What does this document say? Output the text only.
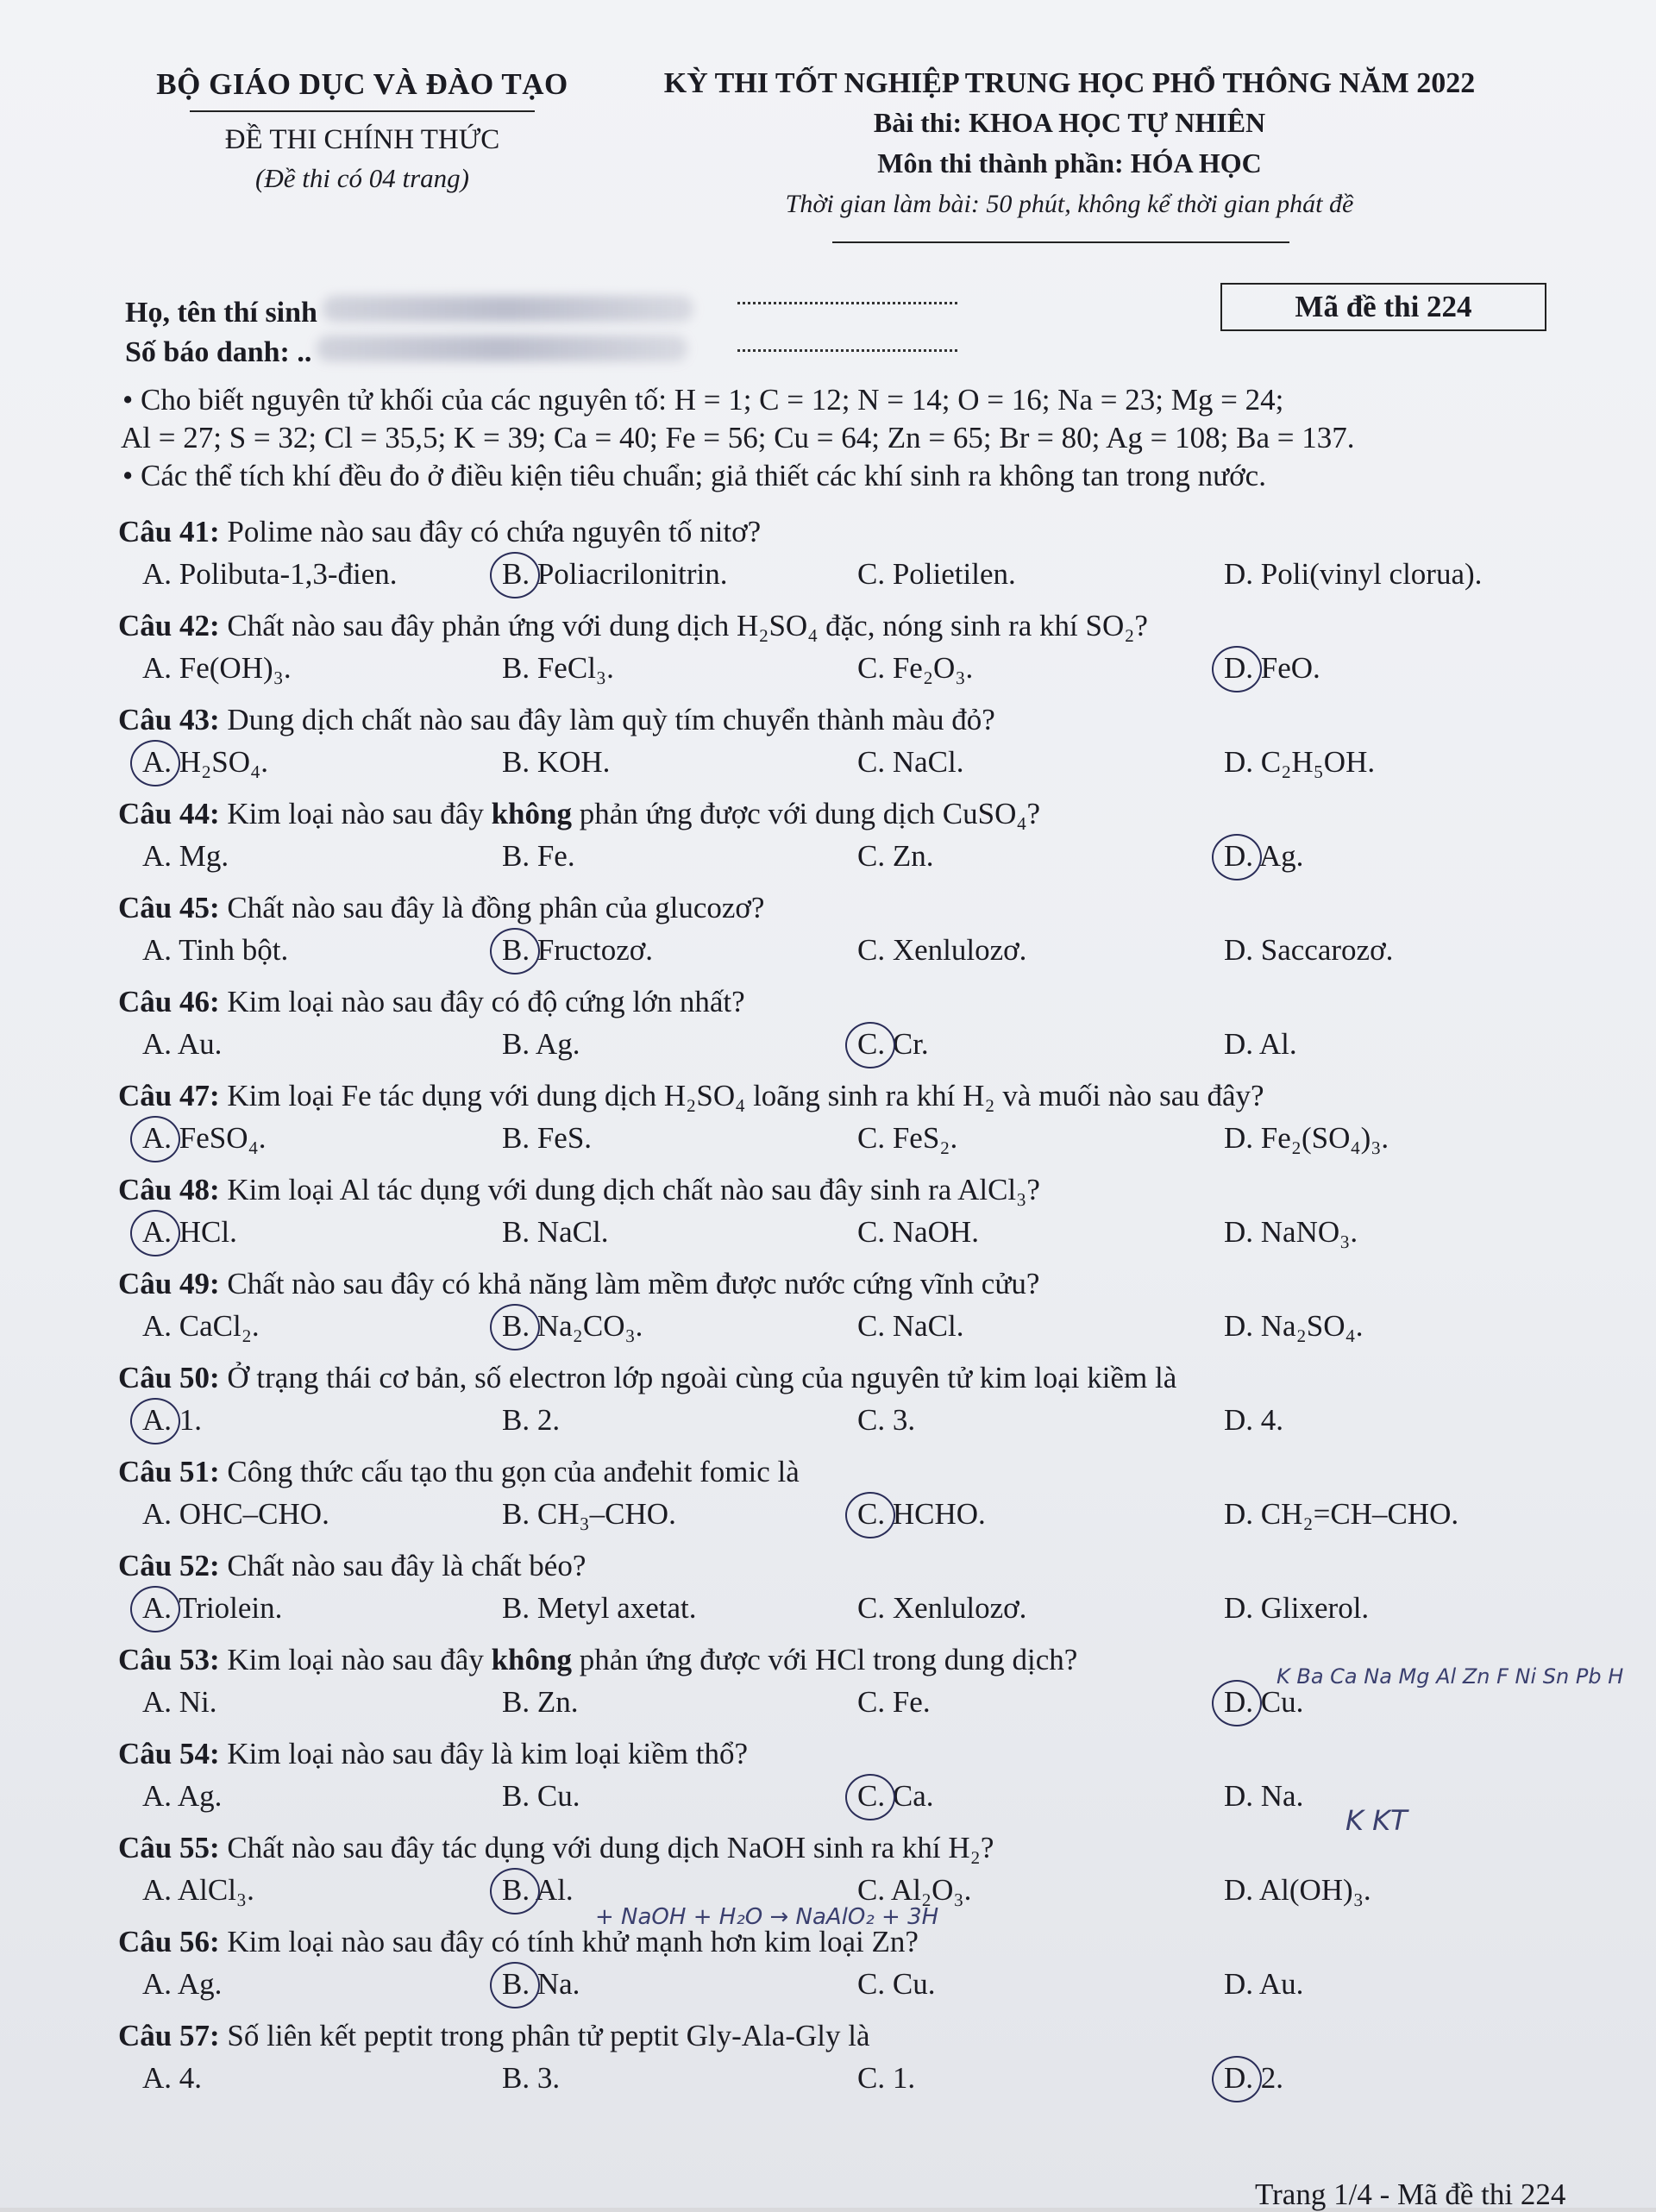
BỘ GIÁO DỤC VÀ ĐÀO TẠO
ĐỀ THI CHÍNH THỨC
(Đề thi có 04 trang)
KỲ THI TỐT NGHIỆP TRUNG HỌC PHỔ THÔNG NĂM 2022
Bài thi: KHOA HỌC TỰ NHIÊN
Môn thi thành phần: HÓA HỌC
Thời gian làm bài: 50 phút, không kể thời gian phát đề
Họ, tên thí sinh
Số báo danh: ..
Mã đề thi 224
• Cho biết nguyên tử khối của các nguyên tố: H = 1; C = 12; N = 14; O = 16; Na = 23; Mg = 24;
Al = 27; S = 32; Cl = 35,5; K = 39; Ca = 40; Fe = 56; Cu = 64; Zn = 65; Br = 80; Ag = 108; Ba = 137.
• Các thể tích khí đều đo ở điều kiện tiêu chuẩn; giả thiết các khí sinh ra không tan trong nước.
Câu 41: Polime nào sau đây có chứa nguyên tố nitơ?
A. Polibuta-1,3-đien.	B. Poliacrilonitrin.	C. Polietilen.	D. Poli(vinyl clorua).
Câu 42: Chất nào sau đây phản ứng với dung dịch H₂SO₄ đặc, nóng sinh ra khí SO₂?
A. Fe(OH)₃.	B. FeCl₃.	C. Fe₂O₃.	D. FeO.
Câu 43: Dung dịch chất nào sau đây làm quỳ tím chuyển thành màu đỏ?
A. H₂SO₄.	B. KOH.	C. NaCl.	D. C₂H₅OH.
Câu 44: Kim loại nào sau đây không phản ứng được với dung dịch CuSO₄?
A. Mg.	B. Fe.	C. Zn.	D. Ag.
Câu 45: Chất nào sau đây là đồng phân của glucozơ?
A. Tinh bột.	B. Fructozơ.	C. Xenlulozơ.	D. Saccarozơ.
Câu 46: Kim loại nào sau đây có độ cứng lớn nhất?
A. Au.	B. Ag.	C. Cr.	D. Al.
Câu 47: Kim loại Fe tác dụng với dung dịch H₂SO₄ loãng sinh ra khí H₂ và muối nào sau đây?
A. FeSO₄.	B. FeS.	C. FeS₂.	D. Fe₂(SO₄)₃.
Câu 48: Kim loại Al tác dụng với dung dịch chất nào sau đây sinh ra AlCl₃?
A. HCl.	B. NaCl.	C. NaOH.	D. NaNO₃.
Câu 49: Chất nào sau đây có khả năng làm mềm được nước cứng vĩnh cửu?
A. CaCl₂.	B. Na₂CO₃.	C. NaCl.	D. Na₂SO₄.
Câu 50: Ở trạng thái cơ bản, số electron lớp ngoài cùng của nguyên tử kim loại kiềm là
A. 1.	B. 2.	C. 3.	D. 4.
Câu 51: Công thức cấu tạo thu gọn của anđehit fomic là
A. OHC–CHO.	B. CH₃–CHO.	C. HCHO.	D. CH₂=CH–CHO.
Câu 52: Chất nào sau đây là chất béo?
A. Triolein.	B. Metyl axetat.	C. Xenlulozơ.	D. Glixerol.
Câu 53: Kim loại nào sau đây không phản ứng được với HCl trong dung dịch?
A. Ni.	B. Zn.	C. Fe.	D. Cu.
Câu 54: Kim loại nào sau đây là kim loại kiềm thổ?
A. Ag.	B. Cu.	C. Ca.	D. Na.
Câu 55: Chất nào sau đây tác dụng với dung dịch NaOH sinh ra khí H₂?
A. AlCl₃.	B. Al.	C. Al₂O₃.	D. Al(OH)₃.
Câu 56: Kim loại nào sau đây có tính khử mạnh hơn kim loại Zn?
A. Ag.	B. Na.	C. Cu.	D. Au.
Câu 57: Số liên kết peptit trong phân tử peptit Gly-Ala-Gly là
A. 4.	B. 3.	C. 1.	D. 2.
K Ba Ca Na Mg Al Zn F Ni Sn Pb H
K KT
+ NaOH + H₂O → NaAlO₂ + 3H
Trang 1/4 - Mã đề thi 224
